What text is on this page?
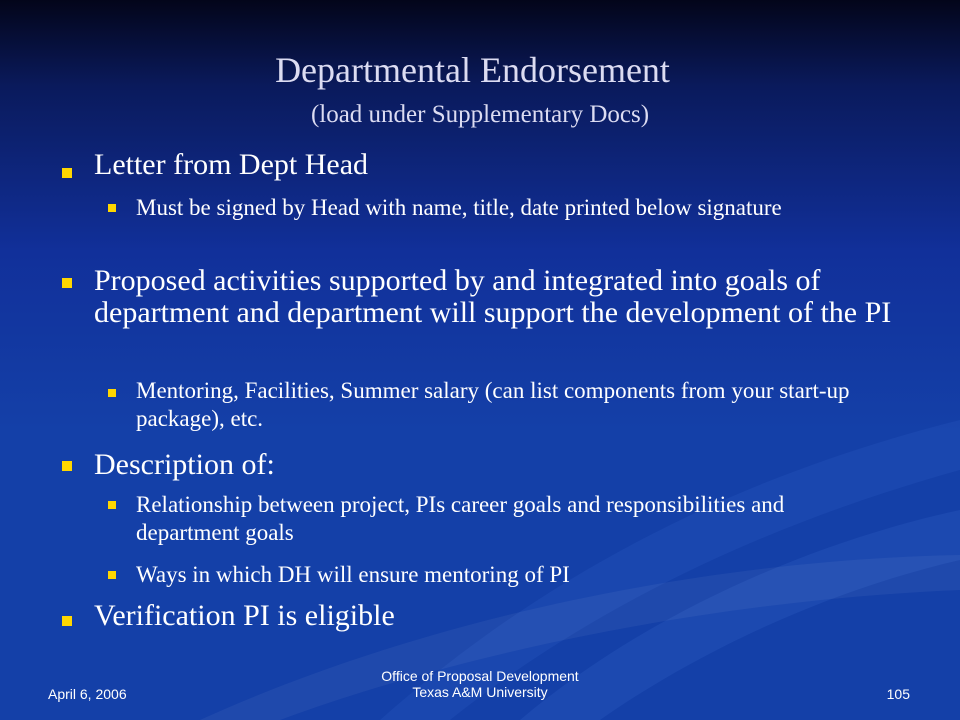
Departmental Endorsement
(load under Supplementary Docs)
Letter from Dept Head
Must be signed by Head with name, title, date printed below signature
Proposed activities supported by and integrated into goals of department and department will support the development of the PI
Mentoring, Facilities, Summer salary (can list components from your start-up package), etc.
Description of:
Relationship between project, PIs career goals and responsibilities and department goals
Ways in which DH will ensure mentoring of PI
Verification PI is eligible
April 6, 2006
Office of Proposal Development
Texas A&M University	105
